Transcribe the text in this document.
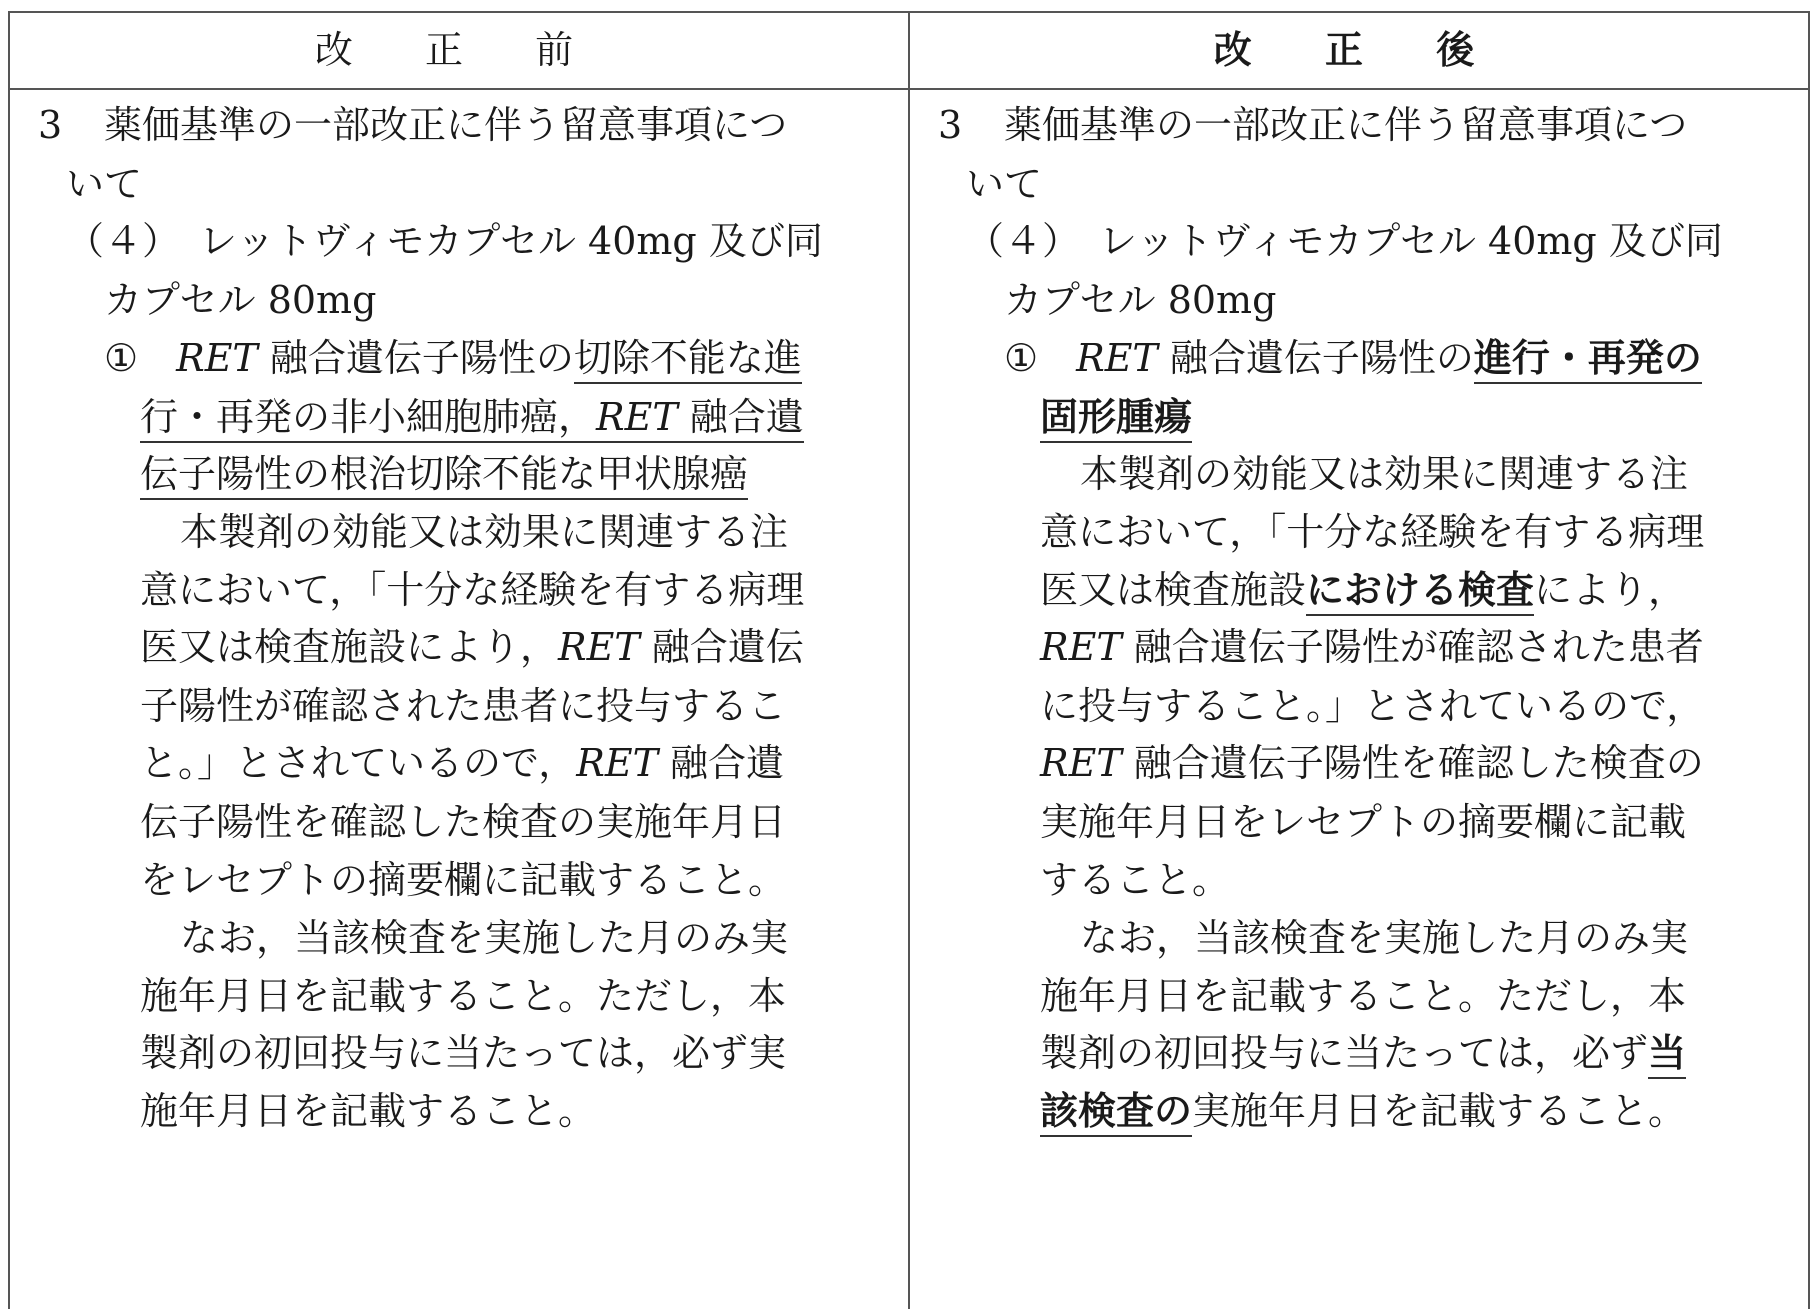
改 正 前	改 正 後
3 薬価基準の一部改正に伴う留意事項につ
いて
（４）　レットヴィモカプセル 40mg 及び同
カプセル 80mg
①　RET 融合遺伝子陽性の切除不能な進
行・再発の非小細胞肺癌，RET 融合遺
伝子陽性の根治切除不能な甲状腺癌
本製剤の効能又は効果に関連する注
意において，「十分な経験を有する病理
医又は検査施設により，RET 融合遺伝
子陽性が確認された患者に投与するこ
と。」とされているので，RET 融合遺
伝子陽性を確認した検査の実施年月日
をレセプトの摘要欄に記載すること。
なお，当該検査を実施した月のみ実
施年月日を記載すること。ただし，本
製剤の初回投与に当たっては，必ず実
施年月日を記載すること。
3 薬価基準の一部改正に伴う留意事項につ
いて
（４）　レットヴィモカプセル 40mg 及び同
カプセル 80mg
①　RET 融合遺伝子陽性の進行・再発の
固形腫瘍
本製剤の効能又は効果に関連する注
意において，「十分な経験を有する病理
医又は検査施設における検査により，
RET 融合遺伝子陽性が確認された患者
に投与すること。」とされているので，
RET 融合遺伝子陽性を確認した検査の
実施年月日をレセプトの摘要欄に記載
すること。
なお，当該検査を実施した月のみ実
施年月日を記載すること。ただし，本
製剤の初回投与に当たっては，必ず当
該検査の実施年月日を記載すること。
